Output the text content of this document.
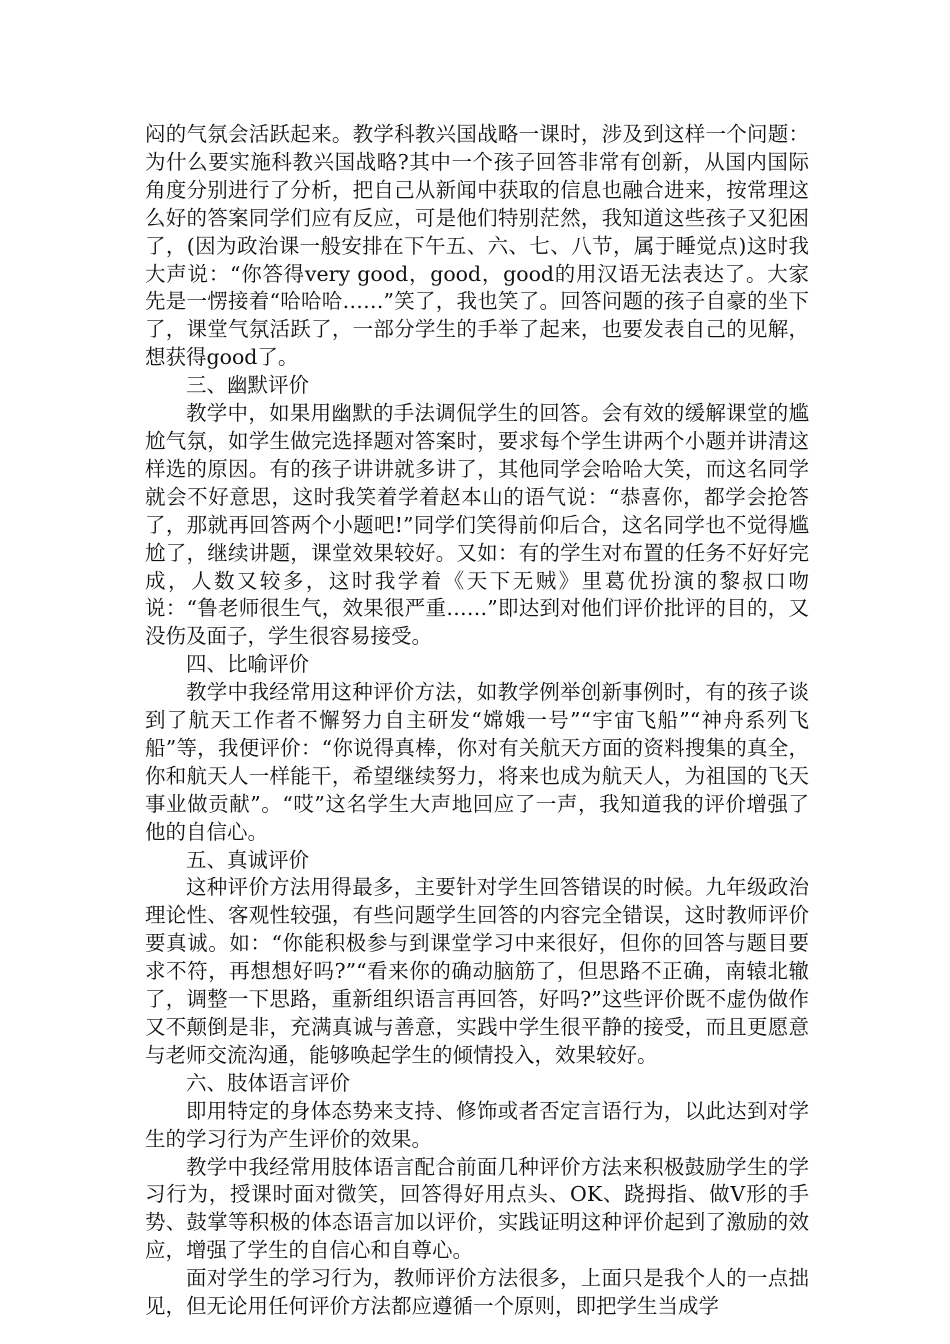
闷的气氛会活跃起来。教学科教兴国战略一课时，涉及到这样一个问题：为什么要实施科教兴国战略?其中一个孩子回答非常有创新，从国内国际角度分别进行了分析，把自己从新闻中获取的信息也融合进来，按常理这么好的答案同学们应有反应，可是他们特别茫然，我知道这些孩子又犯困了，(因为政治课一般安排在下午五、六、七、八节，属于睡觉点)这时我大声说：“你答得very good，good，good的用汉语无法表达了。大家先是一愣接着“哈哈哈……”笑了，我也笑了。回答问题的孩子自豪的坐下了，课堂气氛活跃了，一部分学生的手举了起来，也要发表自己的见解，想获得good了。

三、幽默评价

教学中，如果用幽默的手法调侃学生的回答。会有效的缓解课堂的尴尬气氛，如学生做完选择题对答案时，要求每个学生讲两个小题并讲清这样选的原因。有的孩子讲讲就多讲了，其他同学会哈哈大笑，而这名同学就会不好意思，这时我笑着学着赵本山的语气说：“恭喜你，都学会抢答了，那就再回答两个小题吧!”同学们笑得前仰后合，这名同学也不觉得尴尬了，继续讲题，课堂效果较好。又如：有的学生对布置的任务不好好完成，人数又较多，这时我学着《天下无贼》里葛优扮演的黎叔口吻说：“鲁老师很生气，效果很严重……”即达到对他们评价批评的目的，又没伤及面子，学生很容易接受。

四、比喻评价

教学中我经常用这种评价方法，如教学例举创新事例时，有的孩子谈到了航天工作者不懈努力自主研发“嫦娥一号”“宇宙飞船”“神舟系列飞船”等，我便评价：“你说得真棒，你对有关航天方面的资料搜集的真全，你和航天人一样能干，希望继续努力，将来也成为航天人，为祖国的飞天事业做贡献”。“哎”这名学生大声地回应了一声，我知道我的评价增强了他的自信心。

五、真诚评价

这种评价方法用得最多，主要针对学生回答错误的时候。九年级政治理论性、客观性较强，有些问题学生回答的内容完全错误，这时教师评价要真诚。如：“你能积极参与到课堂学习中来很好，但你的回答与题目要求不符，再想想好吗?”“看来你的确动脑筋了，但思路不正确，南辕北辙了，调整一下思路，重新组织语言再回答，好吗?”这些评价既不虚伪做作又不颠倒是非，充满真诚与善意，实践中学生很平静的接受，而且更愿意与老师交流沟通，能够唤起学生的倾情投入，效果较好。

六、肢体语言评价

即用特定的身体态势来支持、修饰或者否定言语行为，以此达到对学生的学习行为产生评价的效果。

教学中我经常用肢体语言配合前面几种评价方法来积极鼓励学生的学习行为，授课时面对微笑，回答得好用点头、OK、跷拇指、做V形的手势、鼓掌等积极的体态语言加以评价，实践证明这种评价起到了激励的效应，增强了学生的自信心和自尊心。

面对学生的学习行为，教师评价方法很多，上面只是我个人的一点拙见，但无论用任何评价方法都应遵循一个原则，即把学生当成学
